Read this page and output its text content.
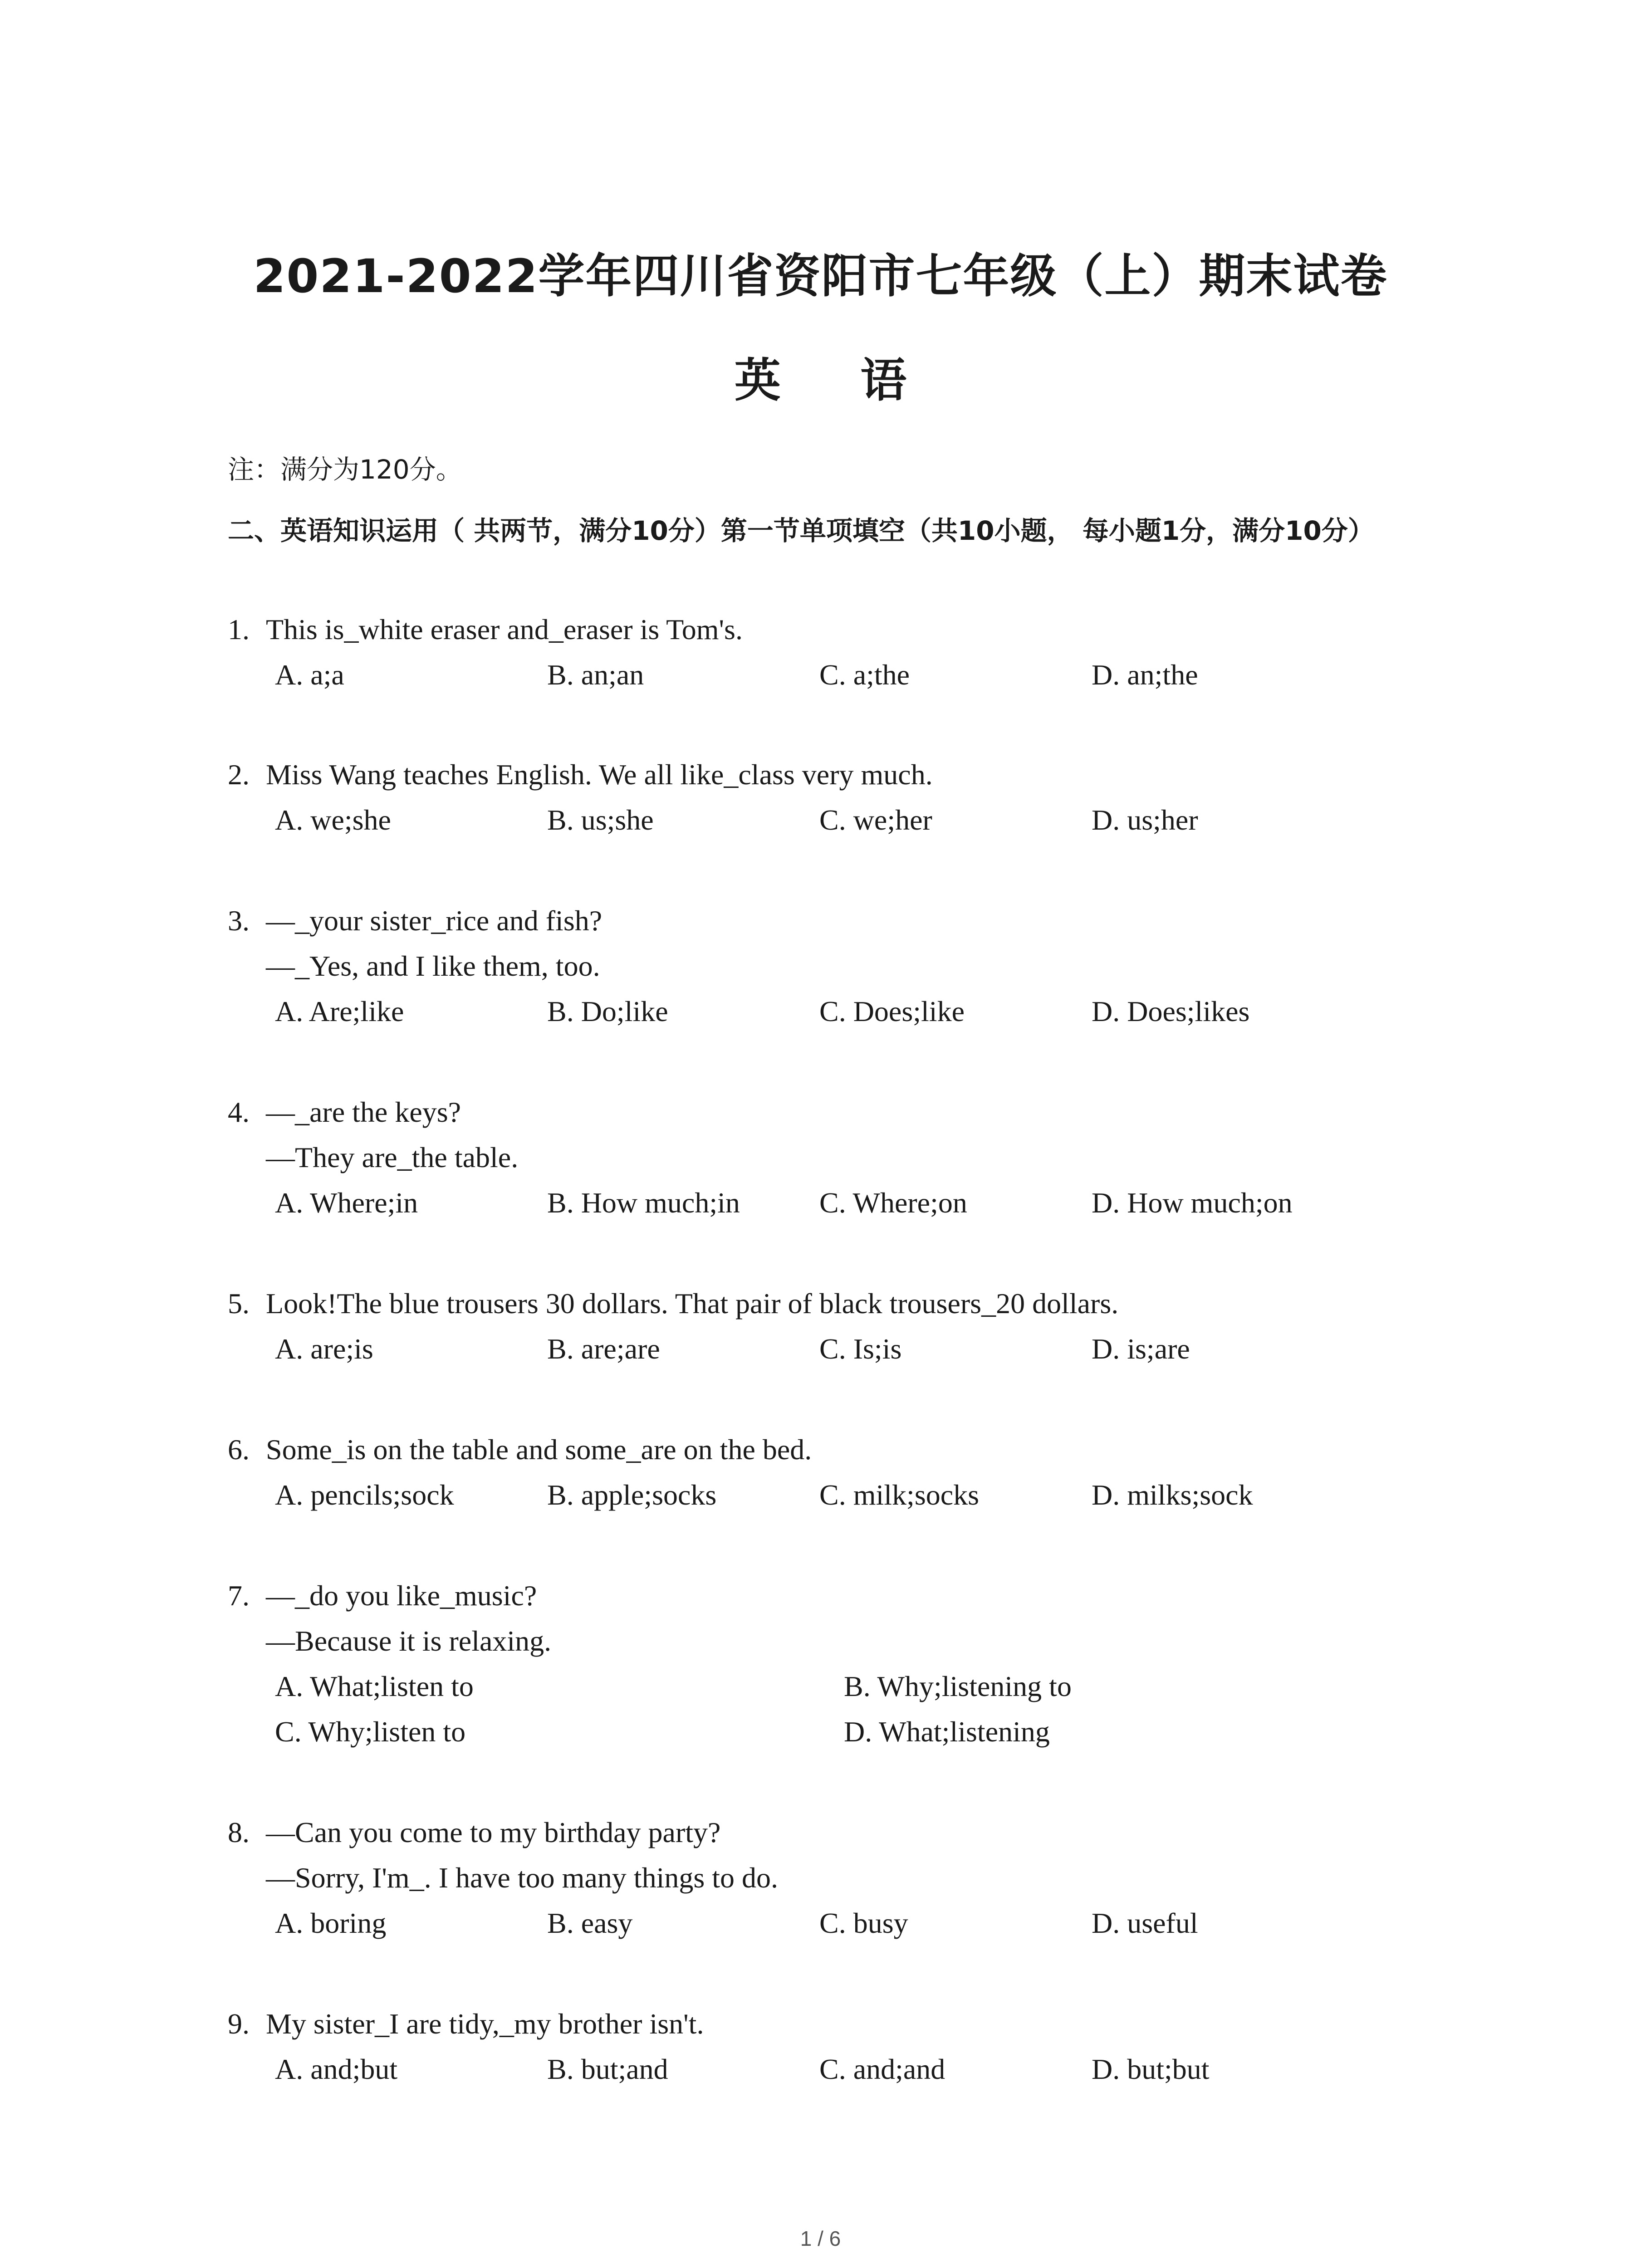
2021-2022学年四川省资阳市七年级（上）期末试卷
英 语
注：满分为120分。
二、英语知识运用（ 共两节，满分10分）第一节单项填空（共10小题， 每小题1分，满分10分）
1. This is_white eraser and_eraser is Tom's.
A. a;a	B. an;an	C. a;the	D. an;the
2. Miss Wang teaches English. We all like_class very much.
A. we;she	B. us;she	C. we;her	D. us;her
3. —_your sister_rice and fish?
—_Yes, and I like them, too.
A. Are;like	B. Do;like	C. Does;like	D. Does;likes
4. —_are the keys?
—They are_the table.
A. Where;in	B. How much;in	C. Where;on	D. How much;on
5. Look!The blue trousers 30 dollars. That pair of black trousers_20 dollars.
A. are;is	B. are;are	C. Is;is	D. is;are
6. Some_is on the table and some_are on the bed.
A. pencils;sock	B. apple;socks	C. milk;socks	D. milks;sock
7. —_do you like_music?
—Because it is relaxing.
A. What;listen to	B. Why;listening to
C. Why;listen to	D. What;listening
8. —Can you come to my birthday party?
—Sorry, I'm_. I have too many things to do.
A. boring	B. easy	C. busy	D. useful
9. My sister_I are tidy,_my brother isn't.
A. and;but	B. but;and	C. and;and	D. but;but
1 / 6
